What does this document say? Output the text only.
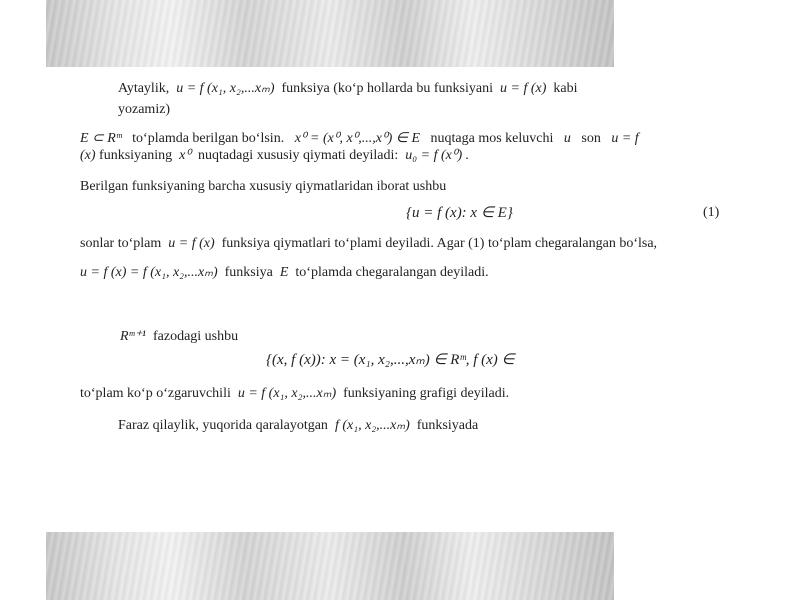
Aytaylik, u = f (x₁, x₂,...xₘ) funksiya (ko‘p hollarda bu funksiyani u = f (x) kabi
yozamiz)
E ⊂ Rᵐ to‘plamda berilgan bo‘lsin. x⁰ = (x⁰, x⁰,...,x⁰) ∈ E nuqtaga mos keluvchi u son u = f
(x) funksiyaning x⁰ nuqtadagi xususiy qiymati deyiladi: u₀ = f (x⁰) .
Berilgan funksiyaning barcha xususiy qiymatlaridan iborat ushbu
{u = f (x): x ∈ E}	(1)
sonlar to‘plam u = f (x) funksiya qiymatlari to‘plami deyiladi. Agar (1) to‘plam chegaralangan bo‘lsa,
u = f (x) = f (x₁, x₂,...xₘ) funksiya E to‘plamda chegaralangan deyiladi.
Rᵐ⁺¹ fazodagi ushbu
{(x, f (x)): x = (x₁, x₂,...,xₘ) ∈ Rᵐ, f (x) ∈
to‘plam ko‘p o‘zgaruvchili u = f (x₁, x₂,...xₘ) funksiyaning grafigi deyiladi.
Faraz qilaylik, yuqorida qaralayotgan f (x₁, x₂,...xₘ) funksiyada
